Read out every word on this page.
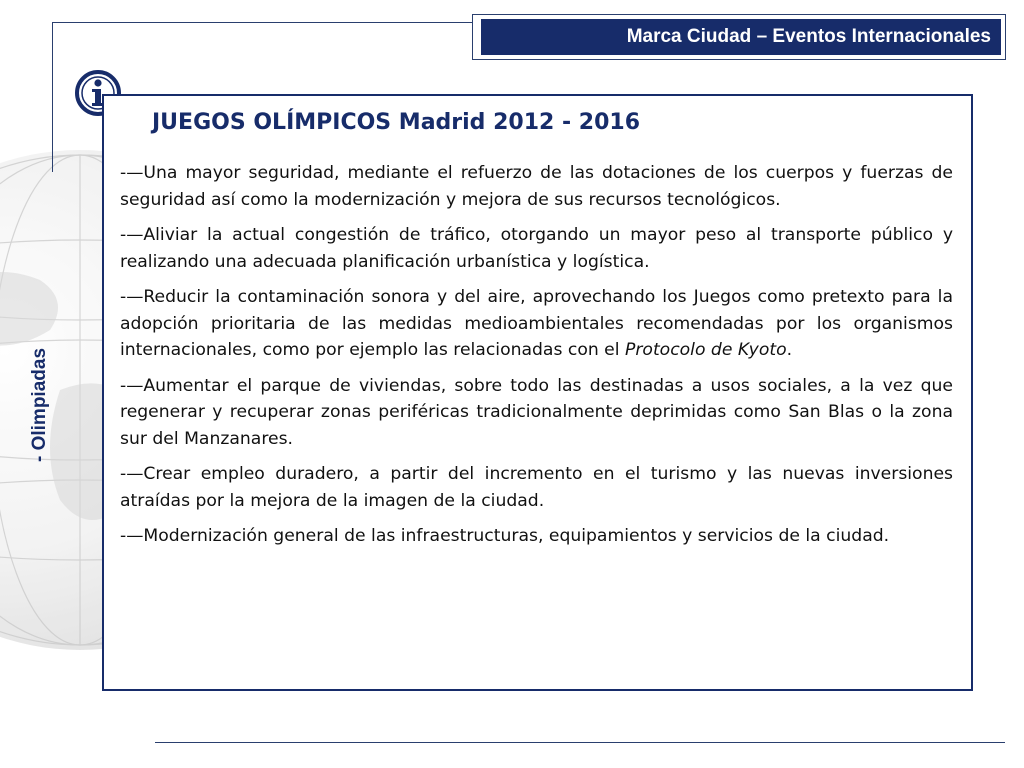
Marca Ciudad – Eventos Internacionales
- Olimpiadas
JUEGOS OLÍMPICOS Madrid 2012 - 2016

-—Una mayor seguridad, mediante el refuerzo de las dotaciones de los cuerpos y fuerzas de seguridad así como la modernización y mejora de sus recursos tecnológicos.

-—Aliviar la actual congestión de tráfico, otorgando un mayor peso al transporte público y realizando una adecuada planificación urbanística y logística.

-—Reducir la contaminación sonora y del aire, aprovechando los Juegos como pretexto para la adopción prioritaria de las medidas medioambientales recomendadas por los organismos internacionales, como por ejemplo las relacionadas con el Protocolo de Kyoto.

-—Aumentar el parque de viviendas, sobre todo las destinadas a usos sociales, a la vez que regenerar y recuperar zonas periféricas tradicionalmente deprimidas como San Blas o la zona sur del Manzanares.

-—Crear empleo duradero, a partir del incremento en el turismo y las nuevas inversiones atraídas por la mejora de la imagen de la ciudad.

-—Modernización general de las infraestructuras, equipamientos y servicios de la ciudad.
